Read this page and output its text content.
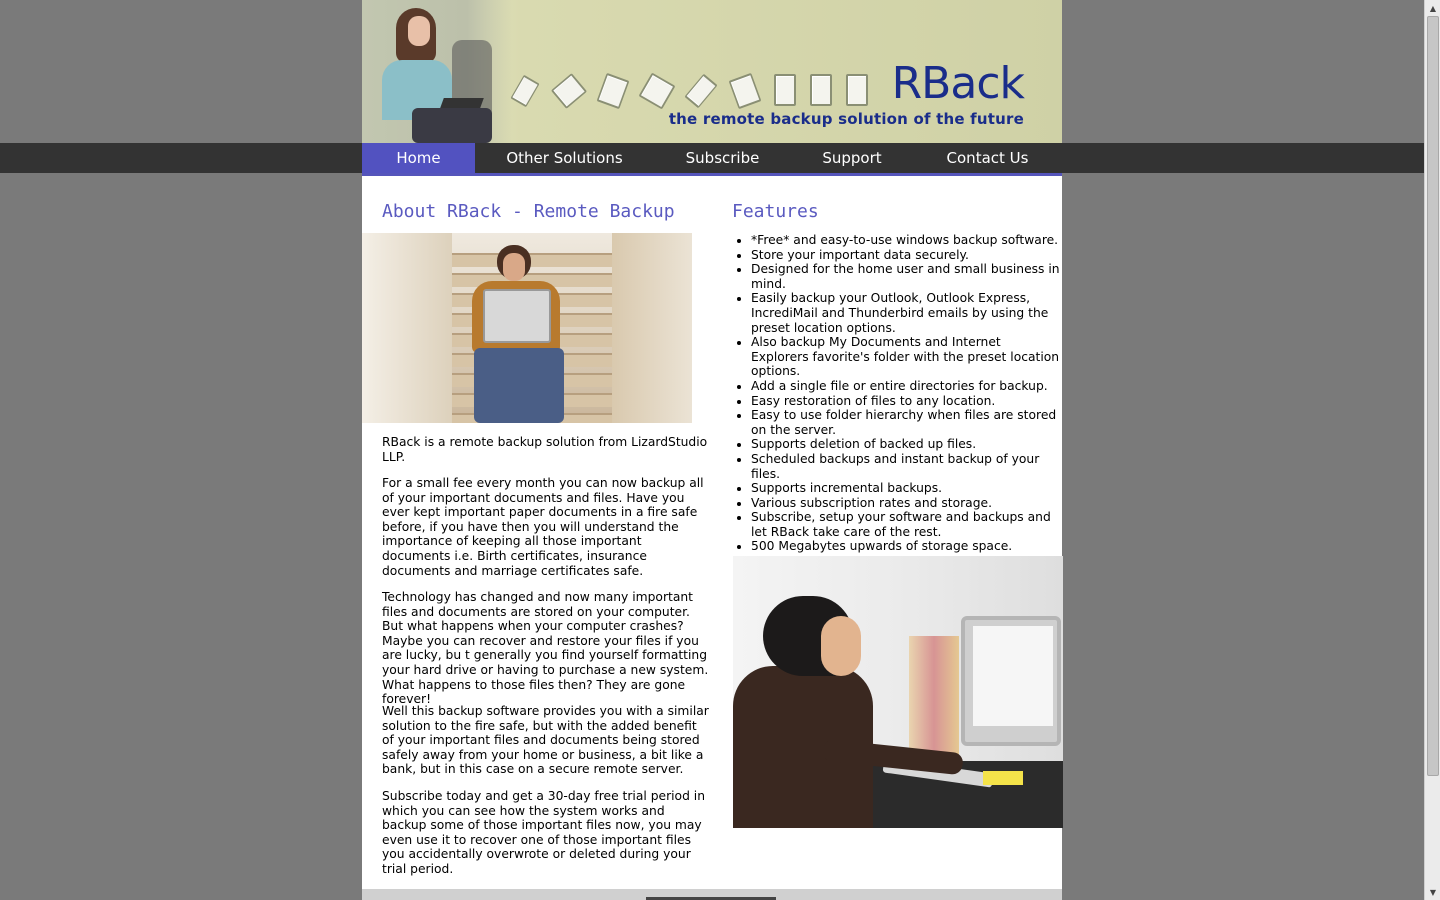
RBack
the remote backup solution of the future
Home	Other Solutions	Subscribe	Support	Contact Us
About RBack - Remote Backup

RBack is a remote backup solution from LizardStudio LLP.

For a small fee every month you can now backup all of your important documents and files. Have you ever kept important paper documents in a fire safe before, if you have then you will understand the importance of keeping all those important documents i.e. Birth certificates, insurance documents and marriage certificates safe.

Technology has changed and now many important files and documents are stored on your computer. But what happens when your computer crashes? Maybe you can recover and restore your files if you are lucky, bu t generally you find yourself formatting your hard drive or having to purchase a new system. What happens to those files then? They are gone forever!

Well this backup software provides you with a similar solution to the fire safe, but with the added benefit of your important files and documents being stored safely away from your home or business, a bit like a bank, but in this case on a secure remote server.

Subscribe today and get a 30-day free trial period in which you can see how the system works and backup some of those important files now, you may even use it to recover one of those important files you accidentally overwrote or deleted during your trial period.

Features
• *Free* and easy-to-use windows backup software.
• Store your important data securely.
• Designed for the home user and small business in mind.
• Easily backup your Outlook, Outlook Express, IncrediMail and Thunderbird emails by using the preset location options.
• Also backup My Documents and Internet Explorers favorite's folder with the preset location options.
• Add a single file or entire directories for backup.
• Easy restoration of files to any location.
• Easy to use folder hierarchy when files are stored on the server.
• Supports deletion of backed up files.
• Scheduled backups and instant backup of your files.
• Supports incremental backups.
• Various subscription rates and storage.
• Subscribe, setup your software and backups and let RBack take care of the rest.
• 500 Megabytes upwards of storage space.
▲
▼
